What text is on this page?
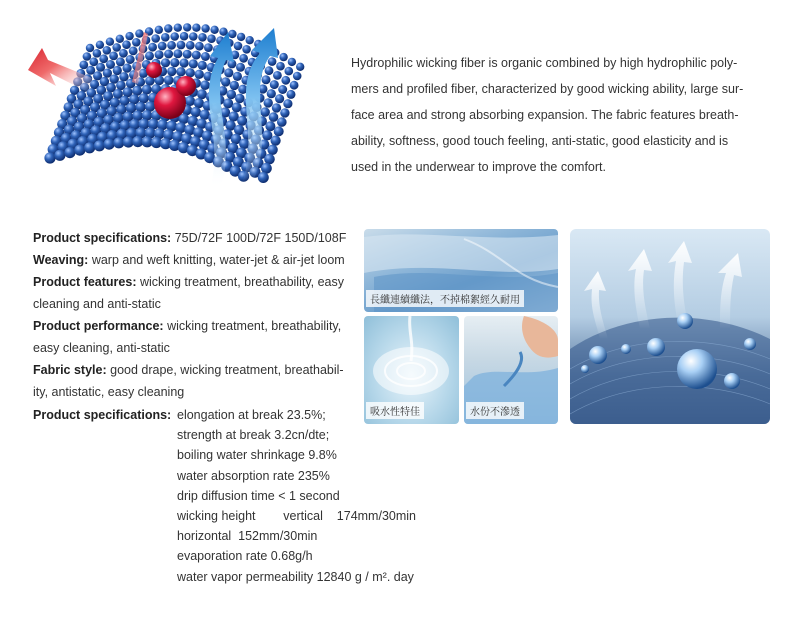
Hydrophilic wicking fiber is organic combined by high hydrophilic poly-
mers and profiled fiber, characterized by good wicking ability, large sur-
face area and strong absorbing expansion. The fabric features breath-
ability, softness, good touch feeling, anti-static, good elasticity and is
used in the underwear to improve the comfort.
Product specifications: 75D/72F 100D/72F 150D/108F
Weaving: warp and weft knitting, water-jet & air-jet loom
Product features: wicking treatment, breathability, easy
cleaning and anti-static
Product performance: wicking treatment, breathability,
easy cleaning, anti-static
Fabric style: good drape, wicking treatment, breathabil-
ity, antistatic, easy cleaning
Product specifications: elongation at break 23.5%;
strength at break 3.2cn/dte;
boiling water shrinkage 9.8%
water absorption rate 235%
drip diffusion time < 1 second
wicking height        vertical    174mm/30min
horizontal  152mm/30min
evaporation rate 0.68g/h
water vapor permeability 12840 g / m². day
長纖連續纖法，不掉棉絮經久耐用
吸水性特佳	水份不滲透
